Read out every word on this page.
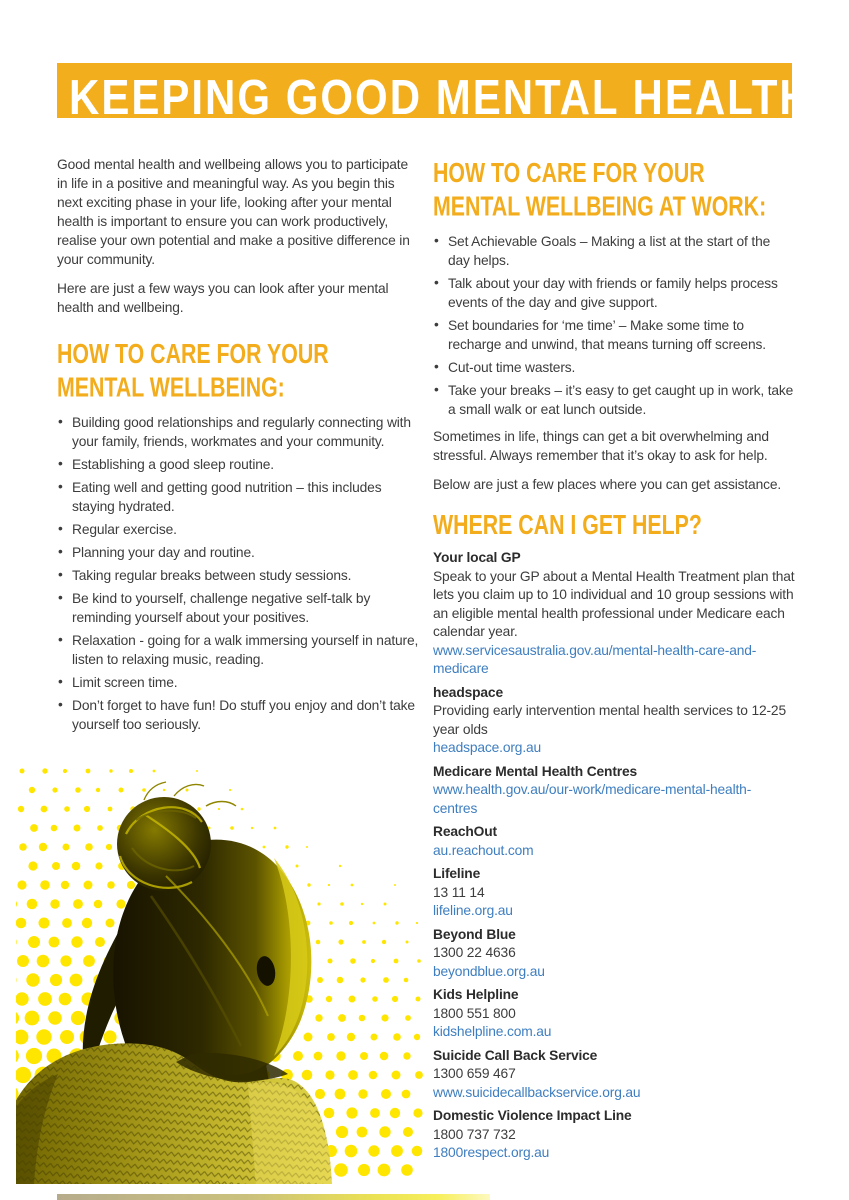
KEEPING GOOD MENTAL HEALTH

Good mental health and wellbeing allows you to participate in life in a positive and meaningful way. As you begin this next exciting phase in your life, looking after your mental health is important to ensure you can work productively, realise your own potential and make a positive difference in your community.

Here are just a few ways you can look after your mental health and wellbeing.

HOW TO CARE FOR YOUR MENTAL WELLBEING:
• Building good relationships and regularly connecting with your family, friends, workmates and your community.
• Establishing a good sleep routine.
• Eating well and getting good nutrition – this includes staying hydrated.
• Regular exercise.
• Planning your day and routine.
• Taking regular breaks between study sessions.
• Be kind to yourself, challenge negative self-talk by reminding yourself about your positives.
• Relaxation - going for a walk immersing yourself in nature, listen to relaxing music, reading.
• Limit screen time.
• Don’t forget to have fun! Do stuff you enjoy and don’t take yourself too seriously.
HOW TO CARE FOR YOUR MENTAL WELLBEING AT WORK:
• Set Achievable Goals – Making a list at the start of the day helps.
• Talk about your day with friends or family helps process events of the day and give support.
• Set boundaries for ‘me time’ – Make some time to recharge and unwind, that means turning off screens.
• Cut-out time wasters.
• Take your breaks – it’s easy to get caught up in work, take a small walk or eat lunch outside.

Sometimes in life, things can get a bit overwhelming and stressful. Always remember that it’s okay to ask for help.

Below are just a few places where you can get assistance.

WHERE CAN I GET HELP?
Your local GP
Speak to your GP about a Mental Health Treatment plan that lets you claim up to 10 individual and 10 group sessions with an eligible mental health professional under Medicare each calendar year.
www.servicesaustralia.gov.au/mental-health-care-and-medicare
headspace
Providing early intervention mental health services to 12-25 year olds
headspace.org.au
Medicare Mental Health Centres
www.health.gov.au/our-work/medicare-mental-health-centres
ReachOut
au.reachout.com
Lifeline
13 11 14
lifeline.org.au
Beyond Blue
1300 22 4636
beyondblue.org.au
Kids Helpline
1800 551 800
kidshelpline.com.au
Suicide Call Back Service
1300 659 467
www.suicidecallbackservice.org.au
Domestic Violence Impact Line
1800 737 732
1800respect.org.au
